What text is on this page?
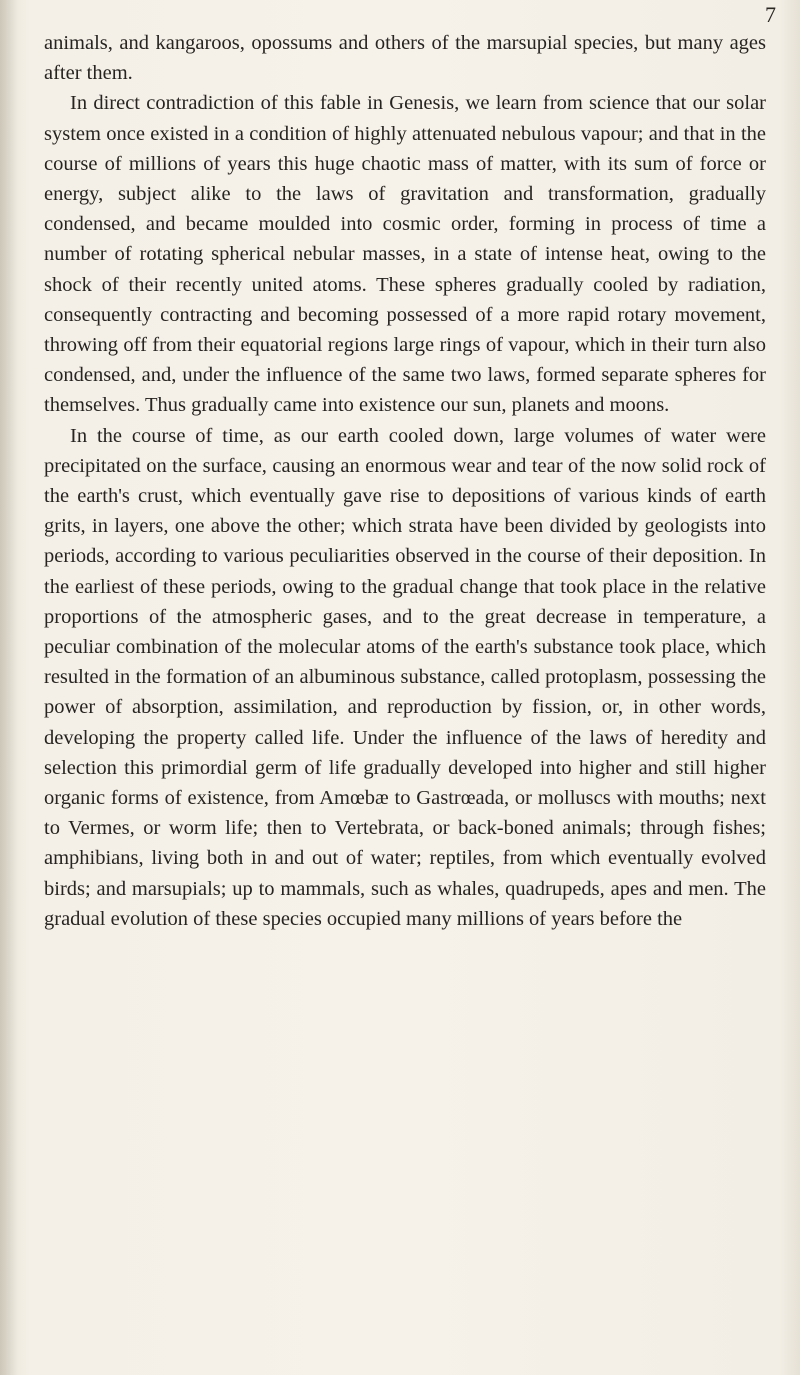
7

animals, and kangaroos, opossums and others of the marsupial species, but many ages after them.

In direct contradiction of this fable in Genesis, we learn from science that our solar system once existed in a condition of highly attenuated nebulous vapour; and that in the course of millions of years this huge chaotic mass of matter, with its sum of force or energy, subject alike to the laws of gravitation and transformation, gradually condensed, and became moulded into cosmic order, forming in process of time a number of rotating spherical nebular masses, in a state of intense heat, owing to the shock of their recently united atoms. These spheres gradually cooled by radiation, consequently contracting and becoming possessed of a more rapid rotary movement, throwing off from their equatorial regions large rings of vapour, which in their turn also condensed, and, under the influence of the same two laws, formed separate spheres for themselves. Thus gradually came into existence our sun, planets and moons.

In the course of time, as our earth cooled down, large volumes of water were precipitated on the surface, causing an enormous wear and tear of the now solid rock of the earth's crust, which eventually gave rise to depositions of various kinds of earth grits, in layers, one above the other; which strata have been divided by geologists into periods, according to various peculiarities observed in the course of their deposition. In the earliest of these periods, owing to the gradual change that took place in the relative proportions of the atmospheric gases, and to the great decrease in temperature, a peculiar combination of the molecular atoms of the earth's substance took place, which resulted in the formation of an albuminous substance, called protoplasm, possessing the power of absorption, assimilation, and reproduction by fission, or, in other words, developing the property called life. Under the influence of the laws of heredity and selection this primordial germ of life gradually developed into higher and still higher organic forms of existence, from Amœbæ to Gastrœada, or molluscs with mouths; next to Vermes, or worm life; then to Vertebrata, or back-boned animals; through fishes; amphibians, living both in and out of water; reptiles, from which eventually evolved birds; and marsupials; up to mammals, such as whales, quadrupeds, apes and men. The gradual evolution of these species occupied many millions of years before the
